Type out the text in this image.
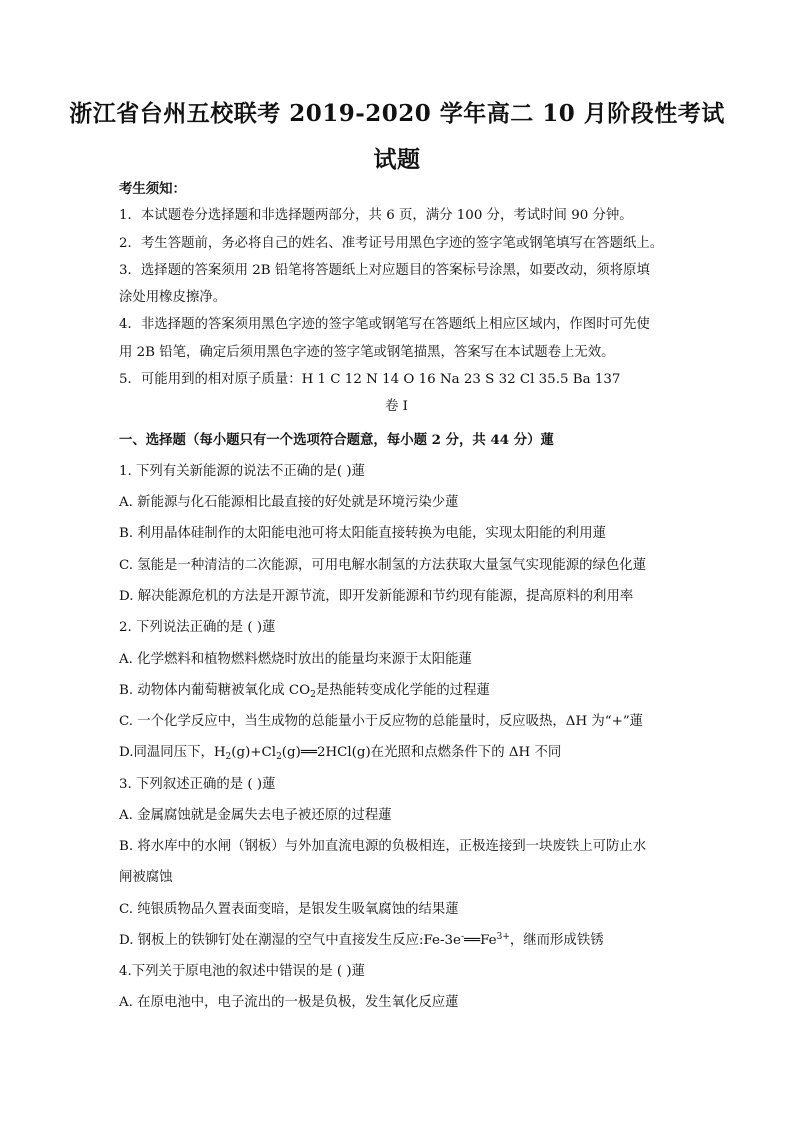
浙江省台州五校联考 2019-2020 学年高二 10 月阶段性考试
试题
考生须知：
1．本试题卷分选择题和非选择题两部分，共 6 页，满分 100 分，考试时间 90 分钟。
2．考生答题前，务必将自己的姓名、准考证号用黑色字迹的签字笔或钢笔填写在答题纸上。
3．选择题的答案须用 2B 铅笔将答题纸上对应题目的答案标号涂黑，如要改动，须将原填
涂处用橡皮擦净。
4．非选择题的答案须用黑色字迹的签字笔或钢笔写在答题纸上相应区域内，作图时可先使
用 2B 铅笔，确定后须用黑色字迹的签字笔或钢笔描黑，答案写在本试题卷上无效。
5．可能用到的相对原子质量：H 1 C 12 N 14 O 16 Na 23 S 32 Cl 35.5 Ba 137
卷 Ⅰ
一、选择题（每小题只有一个选项符合题意，每小题 2 分，共 44 分）蓮
1. 下列有关新能源的说法不正确的是( )蓮
A. 新能源与化石能源相比最直接的好处就是环境污染少蓮
B. 利用晶体硅制作的太阳能电池可将太阳能直接转换为电能，实现太阳能的利用蓮
C. 氢能是一种清洁的二次能源，可用电解水制氢的方法获取大量氢气实现能源的绿色化蓮
D. 解决能源危机的方法是开源节流，即开发新能源和节约现有能源，提高原料的利用率
2. 下列说法正确的是 ( )蓮
A. 化学燃料和植物燃料燃烧时放出的能量均来源于太阳能蓮
B. 动物体内葡萄糖被氧化成 $CO_2$是热能转变成化学能的过程蓮
C. 一个化学反应中，当生成物的总能量小于反应物的总能量时，反应吸热，ΔH 为“+”蓮
D.同温同压下，$H_2(g)+Cl_2(g)══2HCl(g)$在光照和点燃条件下的 ΔH 不同
3. 下列叙述正确的是 ( )蓮
A. 金属腐蚀就是金属失去电子被还原的过程蓮
B. 将水库中的水闸（钢板）与外加直流电源的负极相连，正极连接到一块废铁上可防止水
闸被腐蚀
C. 纯银质物品久置表面变暗，是银发生吸氧腐蚀的结果蓮
D. 钢板上的铁铆钉处在潮湿的空气中直接发生反应$:Fe-3e^-══Fe^{3+}$，继而形成铁锈
4.下列关于原电池的叙述中错误的是 ( )蓮
A. 在原电池中，电子流出的一极是负极，发生氧化反应蓮
